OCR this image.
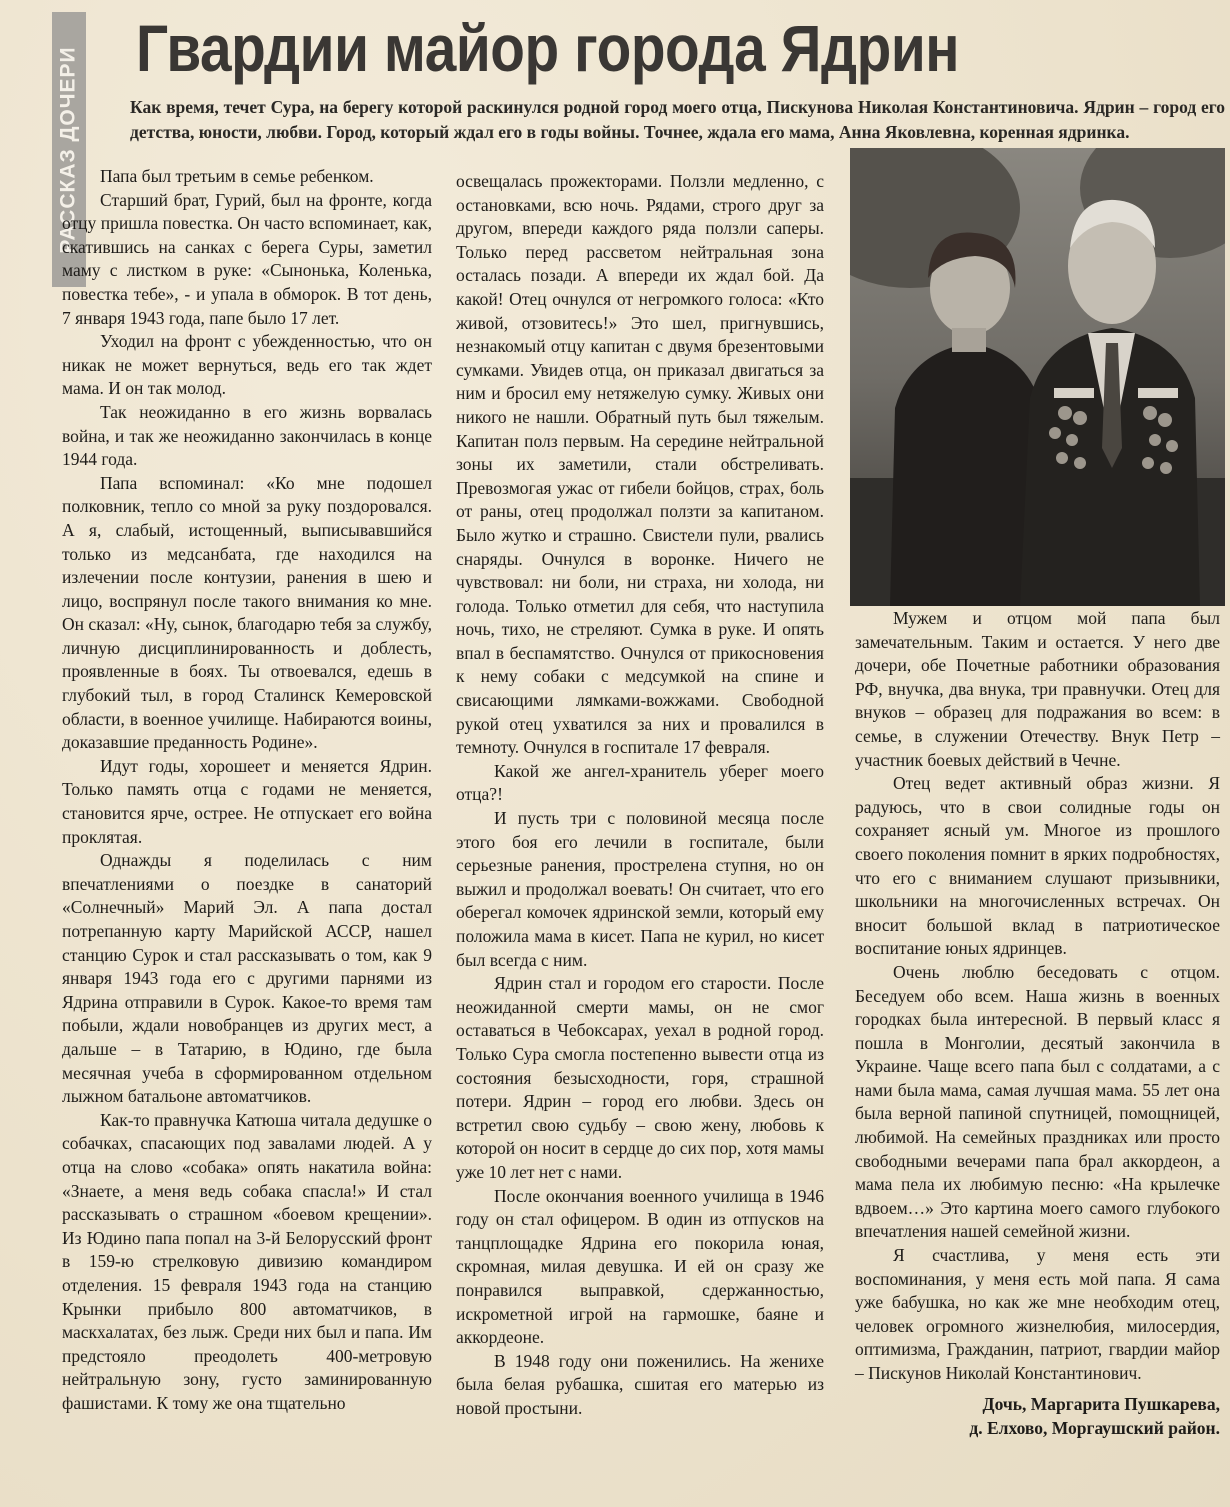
РАССКАЗ ДОЧЕРИ Гвардии майор города Ядрин

Как время, течет Сура, на берегу которой раскинулся родной город моего отца, Пискунова Николая Константиновича. Ядрин – город его детства, юности, любви. Город, который ждал его в годы войны. Точнее, ждала его мама, Анна Яковлевна, коренная ядринка.

Папа был третьим в семье ребенком.

Старший брат, Гурий, был на фронте, когда отцу пришла повестка. Он часто вспоминает, как, скатившись на санках с берега Суры, заметил маму с листком в руке: «Сынонька, Коленька, повестка тебе», - и упала в обморок. В тот день, 7 января 1943 года, папе было 17 лет.

Уходил на фронт с убежденностью, что он никак не может вернуться, ведь его так ждет мама. И он так молод.

Так неожиданно в его жизнь ворвалась война, и так же неожиданно закончилась в конце 1944 года.

Папа вспоминал: «Ко мне подошел полковник, тепло со мной за руку поздоровался. А я, слабый, истощенный, выписывавшийся только из медсанбата, где находился на излечении после контузии, ранения в шею и лицо, воспрянул после такого внимания ко мне. Он сказал: «Ну, сынок, благодарю тебя за службу, личную дисциплинированность и доблесть, проявленные в боях. Ты отвоевался, едешь в глубокий тыл, в город Сталинск Кемеровской области, в военное училище. Набираются воины, доказавшие преданность Родине».

Идут годы, хорошеет и меняется Ядрин. Только память отца с годами не меняется, становится ярче, острее. Не отпускает его война проклятая.

Однажды я поделилась с ним впечатлениями о поездке в санаторий «Солнечный» Марий Эл. А папа достал потрепанную карту Марийской АССР, нашел станцию Сурок и стал рассказывать о том, как 9 января 1943 года его с другими парнями из Ядрина отправили в Сурок. Какое-то время там побыли, ждали новобранцев из других мест, а дальше – в Татарию, в Юдино, где была месячная учеба в сформированном отдельном лыжном батальоне автоматчиков.

Как-то правнучка Катюша читала дедушке о собачках, спасающих под завалами людей. А у отца на слово «собака» опять накатила война: «Знаете, а меня ведь собака спасла!» И стал рассказывать о страшном «боевом крещении». Из Юдино папа попал на 3-й Белорусский фронт в 159-ю стрелковую дивизию командиром отделения. 15 февраля 1943 года на станцию Крынки прибыло 800 автоматчиков, в маскхалатах, без лыж. Среди них был и папа. Им предстояло преодолеть 400-метровую нейтральную зону, густо заминированную фашистами. К тому же она тщательно

освещалась прожекторами. Ползли медленно, с остановками, всю ночь. Рядами, строго друг за другом, впереди каждого ряда ползли саперы. Только перед рассветом нейтральная зона осталась позади. А впереди их ждал бой. Да какой! Отец очнулся от негромкого голоса: «Кто живой, отзовитесь!» Это шел, пригнувшись, незнакомый отцу капитан с двумя брезентовыми сумками. Увидев отца, он приказал двигаться за ним и бросил ему нетяжелую сумку. Живых они никого не нашли. Обратный путь был тяжелым. Капитан полз первым. На середине нейтральной зоны их заметили, стали обстреливать. Превозмогая ужас от гибели бойцов, страх, боль от раны, отец продолжал ползти за капитаном. Было жутко и страшно. Свистели пули, рвались снаряды. Очнулся в воронке. Ничего не чувствовал: ни боли, ни страха, ни холода, ни голода. Только отметил для себя, что наступила ночь, тихо, не стреляют. Сумка в руке. И опять впал в беспамятство. Очнулся от прикосновения к нему собаки с медсумкой на спине и свисающими лямками-вожжами. Свободной рукой отец ухватился за них и провалился в темноту. Очнулся в госпитале 17 февраля.

Какой же ангел-хранитель уберег моего отца?!

И пусть три с половиной месяца после этого боя его лечили в госпитале, были серьезные ранения, прострелена ступня, но он выжил и продолжал воевать! Он считает, что его оберегал комочек ядринской земли, который ему положила мама в кисет. Папа не курил, но кисет был всегда с ним.

Ядрин стал и городом его старости. После неожиданной смерти мамы, он не смог оставаться в Чебоксарах, уехал в родной город. Только Сура смогла постепенно вывести отца из состояния безысходности, горя, страшной потери. Ядрин – город его любви. Здесь он встретил свою судьбу – свою жену, любовь к которой он носит в сердце до сих пор, хотя мамы уже 10 лет нет с нами.

После окончания военного училища в 1946 году он стал офицером. В один из отпусков на танцплощадке Ядрина его покорила юная, скромная, милая девушка. И ей он сразу же понравился выправкой, сдержанностью, искрометной игрой на гармошке, баяне и аккордеоне.

В 1948 году они поженились. На женихе была белая рубашка, сшитая его матерью из новой простыни.

Мужем и отцом мой папа был замечательным. Таким и остается. У него две дочери, обе Почетные работники образования РФ, внучка, два внука, три правнучки. Отец для внуков – образец для подражания во всем: в семье, в служении Отечеству. Внук Петр – участник боевых действий в Чечне.

Отец ведет активный образ жизни. Я радуюсь, что в свои солидные годы он сохраняет ясный ум. Многое из прошлого своего поколения помнит в ярких подробностях, что его с вниманием слушают призывники, школьники на многочисленных встречах. Он вносит большой вклад в патриотическое воспитание юных ядринцев.

Очень люблю беседовать с отцом. Беседуем обо всем. Наша жизнь в военных городках была интересной. В первый класс я пошла в Монголии, десятый закончила в Украине. Чаще всего папа был с солдатами, а с нами была мама, самая лучшая мама. 55 лет она была верной папиной спутницей, помощницей, любимой. На семейных праздниках или просто свободными вечерами папа брал аккордеон, а мама пела их любимую песню: «На крылечке вдвоем…» Это картина моего самого глубокого впечатления нашей семейной жизни.

Я счастлива, у меня есть эти воспоминания, у меня есть мой папа. Я сама уже бабушка, но как же мне необходим отец, человек огромного жизнелюбия, милосердия, оптимизма, Гражданин, патриот, гвардии майор – Пискунов Николай Константинович.

Дочь, Маргарита Пушкарева,
д. Елхово, Моргаушский район.
